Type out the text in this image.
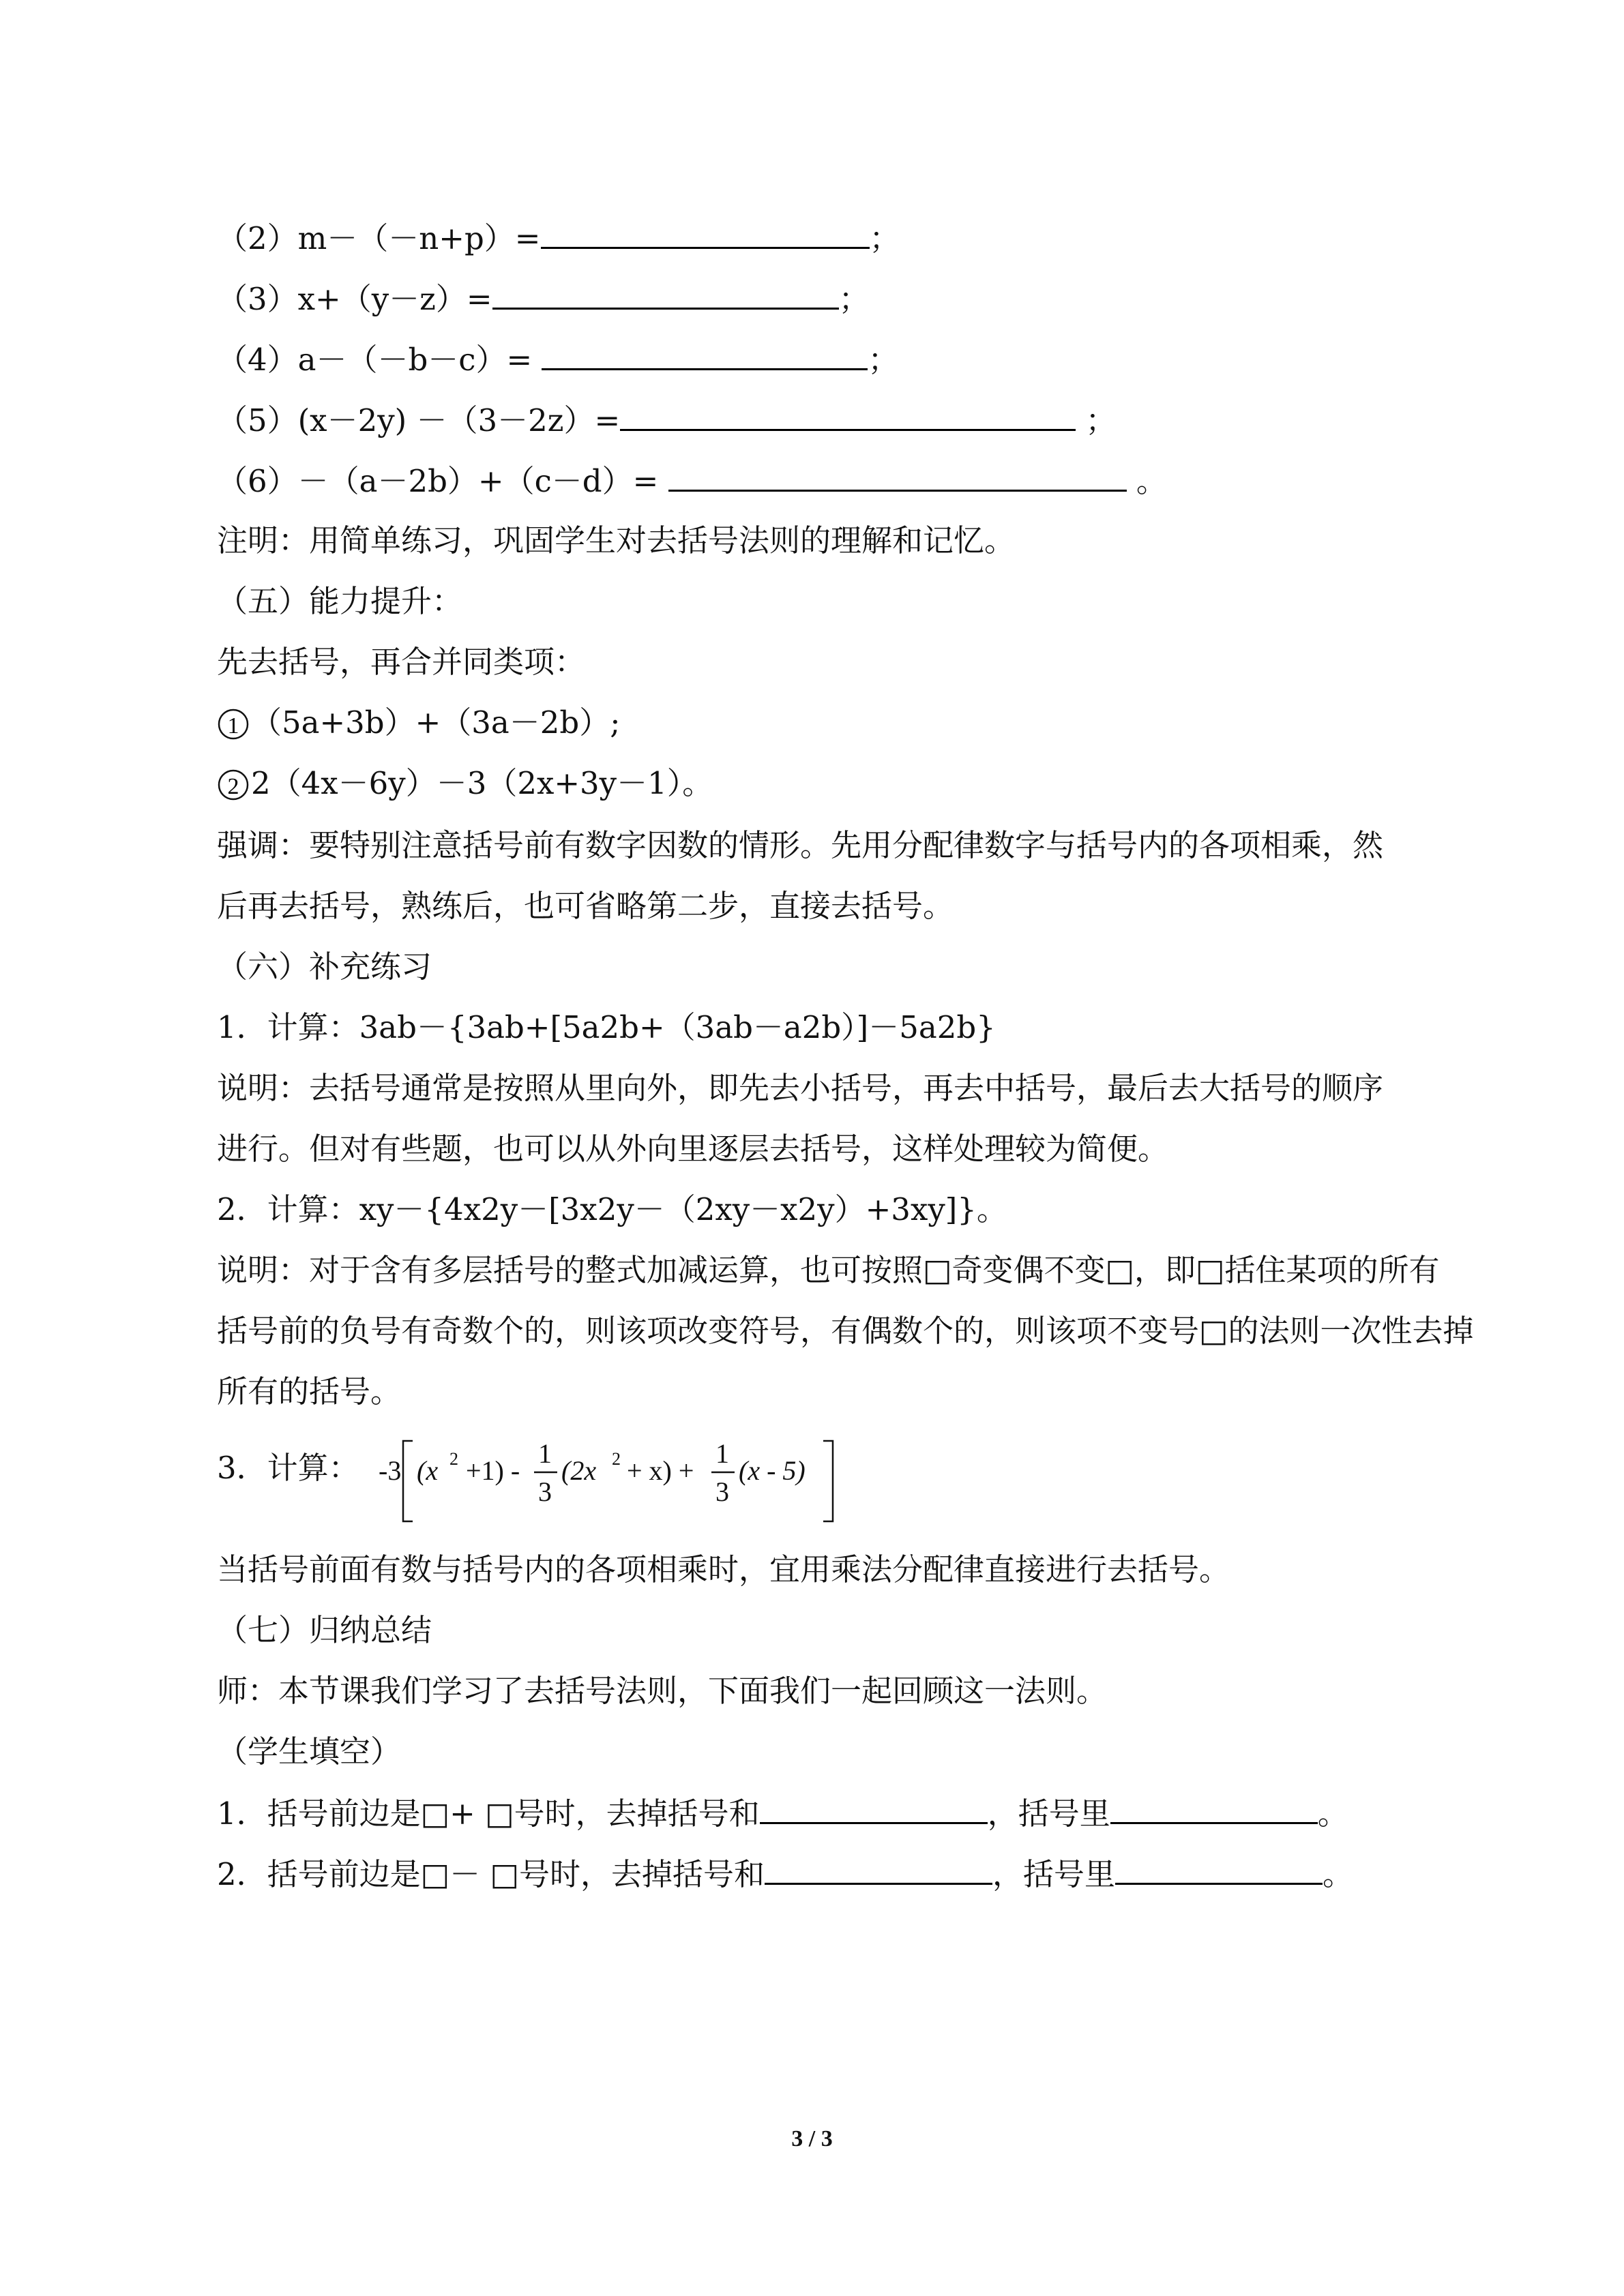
（2）m－（－n+p）=	；
（3）x+（y－z）=	；
（4）a－（－b－c）=	；
（5）(x－2y) －（3－2z）=	；
（6）－（a－2b）+（c－d）=	。
注明：用简单练习，巩固学生对去括号法则的理解和记忆。
（五）能力提升：
先去括号，再合并同类项：
1 （5a+3b）+（3a－2b）;
2 2（4x－6y）－3（2x+3y－1）。
强调：要特别注意括号前有数字因数的情形。先用分配律数字与括号内的各项相乘，然
后再去括号，熟练后，也可省略第二步，直接去括号。
（六）补充练习
1．计算：3ab－{3ab+[5a2b+（3ab－a2b）]－5a2b}
说明：去括号通常是按照从里向外，即先去小括号，再去中括号，最后去大括号的顺序
进行。但对有些题，也可以从外向里逐层去括号，这样处理较为简便。
2．计算：xy－{4x2y－[3x2y－（2xy－x2y）+3xy]}。
说明：对于含有多层括号的整式加减运算，也可按照□奇变偶不变□，即□括住某项的所有
括号前的负号有奇数个的，则该项改变符号，有偶数个的，则该项不变号□的法则一次性去掉
所有的括号。
3．计算： -3 (x 2 +1) -
1
3
(2x 2 + x) +
1
3
(x - 5)
当括号前面有数与括号内的各项相乘时，宜用乘法分配律直接进行去括号。
（七）归纳总结
师：本节课我们学习了去括号法则，下面我们一起回顾这一法则。
（学生填空）
1．括号前边是□+ □号时，去掉括号和	，括号里	。
2．括号前边是□－ □号时，去掉括号和	，括号里	。
3 / 3
